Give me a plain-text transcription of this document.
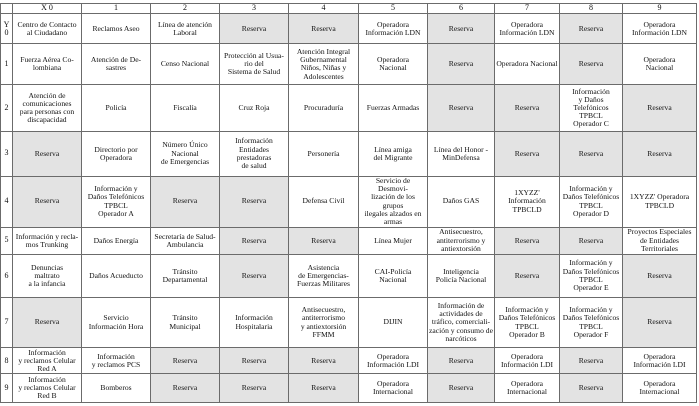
	X 0	1	2	3	4	5	6	7	8	9

Y
0	Centro de Contacto
al Ciudadano	Reclamos Aseo	Línea de atención
Laboral	Reserva	Reserva	Operadora
Información LDN	Reserva	Operadora
Información LDN	Reserva	Operadora
Información LDN

1	Fuerza Aérea Co-
lombiana	Atención de De-
sastres	Censo Nacional	Protección al Usua-
rio del
Sistema de Salud	Atención Integral
Gubernamental
Niños, Niñas y
Adolescentes	Operadora
Nacional	Reserva	Operadora Nacional	Reserva	Operadora
Nacional

2	Atención de
comunicaciones
para personas con
discapacidad	Policía	Fiscalía	Cruz Roja	Procuraduría	Fuerzas Armadas	Reserva	Reserva	Información
y Daños
Telefónicos TPBCL
Operador C	Reserva

3	Reserva	Directorio por
Operadora	Número Único
Nacional
de Emergencias	Información
Entidades
prestadoras
de salud	Personería	Línea amiga
del Migrante	Línea del Honor -
MinDefensa	Reserva	Reserva	Reserva

4	Reserva	Información y
Daños Telefónicos
TPBCL
Operador A	Reserva	Reserva	Defensa Civil	Servicio de Desmovi-
lización de los grupos
ilegales alzados en
armas	Daños GAS	1XYZZ'
Información
TPBCLD	Información y
Daños Telefónicos
TPBCL
Operador D	1XYZZ' Operadora
TPBCLD

5	Información y recla-
mos Trunking	Daños Energía	Secretaría de Salud-
Ambulancia	Reserva	Reserva	Línea Mujer	Antisecuestro,
antiterrorismo y
antiextorsión	Reserva	Reserva	Proyectos Especiales
de Entidades
Territoriales

6	Denuncias
maltrato
a la infancia	Daños Acueducto	Tránsito
Departamental	Reserva	Asistencia
de Emergencias-
Fuerzas Militares	CAI-Policía
Nacional	Inteligencia
Policía Nacional	Reserva	Información y
Daños Telefónicos
TPBCL
Operador E	Reserva

7	Reserva	Servicio
Información Hora	Tránsito
Municipal	Información
Hospitalaria	Antisecuestro,
antiterrorismo
y antiextorsión
FFMM	DIJIN	Información de
actividades de
tráfico, comerciali-
zación y consumo de
narcóticos	Información y
Daños Telefónicos
TPBCL
Operador B	Información y
Daños Telefónicos
TPBCL
Operador F	Reserva

8	Información
y reclamos Celular
Red A	Información
y reclamos PCS	Reserva	Reserva	Reserva	Operadora
Información LDI	Reserva	Operadora
Información LDI	Reserva	Operadora
Información LDI

9	Información
y reclamos Celular
Red B	Bomberos	Reserva	Reserva	Reserva	Operadora
Internacional	Reserva	Operadora
Internacional	Reserva	Operadora
Internacional
